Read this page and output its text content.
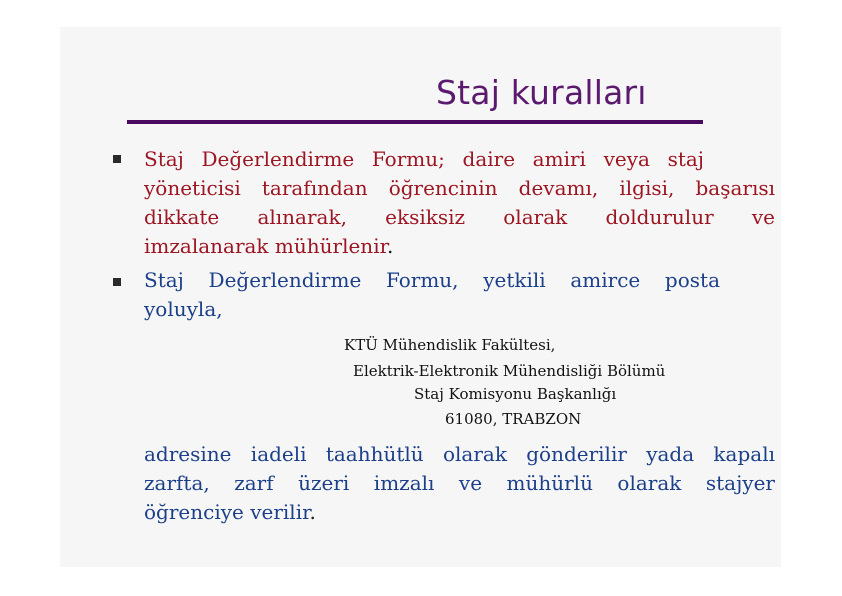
Staj kuralları
Staj Değerlendirme Formu; daire amiri veya staj
yöneticisi tarafından öğrencinin devamı, ilgisi, başarısı
dikkate alınarak, eksiksiz olarak doldurulur ve
imzalanarak mühürlenir.
Staj Değerlendirme Formu, yetkili amirce posta
yoluyla,
KTÜ Mühendislik Fakültesi,
Elektrik-Elektronik Mühendisliği Bölümü
Staj Komisyonu Başkanlığı
61080, TRABZON
adresine iadeli taahhütlü olarak gönderilir yada kapalı
zarfta, zarf üzeri imzalı ve mühürlü olarak stajyer
öğrenciye verilir.
